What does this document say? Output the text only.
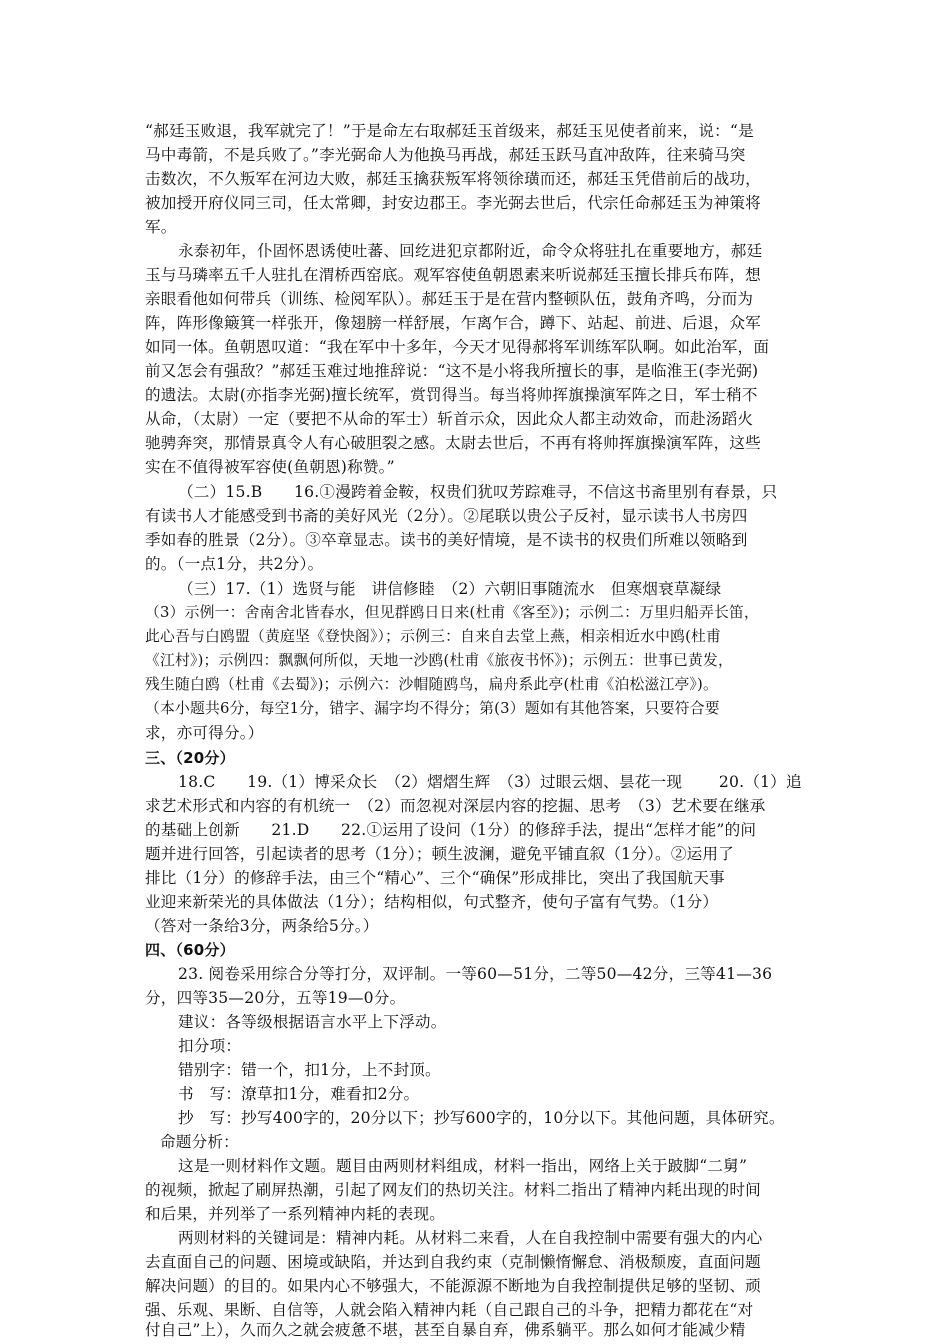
“郝廷玉败退，我军就完了！”于是命左右取郝廷玉首级来，郝廷玉见使者前来，说：“是
马中毒箭，不是兵败了。”李光弼命人为他换马再战，郝廷玉跃马直冲敌阵，往来骑马突
击数次，不久叛军在河边大败，郝廷玉擒获叛军将领徐璜而还，郝廷玉凭借前后的战功，
被加授开府仪同三司，任太常卿，封安边郡王。李光弼去世后，代宗任命郝廷玉为神策将
军。
永泰初年，仆固怀恩诱使吐蕃、回纥进犯京都附近，命令众将驻扎在重要地方，郝廷
玉与马璘率五千人驻扎在渭桥西窑底。观军容使鱼朝恩素来听说郝廷玉擅长排兵布阵，想
亲眼看他如何带兵（训练、检阅军队）。郝廷玉于是在营内整顿队伍，鼓角齐鸣，分而为
阵，阵形像簸箕一样张开，像翅膀一样舒展，乍离乍合，蹲下、站起、前进、后退，众军
如同一体。鱼朝恩叹道：“我在军中十多年，今天才见得郝将军训练军队啊。如此治军，面
前又怎会有强敌？”郝廷玉难过地推辞说：“这不是小将我所擅长的事，是临淮王(李光弼)
的遗法。太尉(亦指李光弼)擅长统军，赏罚得当。每当将帅挥旗操演军阵之日，军士稍不
从命，（太尉）一定（要把不从命的军士）斩首示众，因此众人都主动效命，而赴汤蹈火
驰骋奔突，那情景真令人有心破胆裂之感。太尉去世后，不再有将帅挥旗操演军阵，这些
实在不值得被军容使(鱼朝恩)称赞。”
（二）15.B　　16.①漫跨着金鞍，权贵们犹叹芳踪难寻，不信这书斋里别有春景，只
有读书人才能感受到书斋的美好风光（2分）。②尾联以贵公子反衬，显示读书人书房四
季如春的胜景（2分）。③卒章显志。读书的美好情境，是不读书的权贵们所难以领略到
的。（一点1分，共2分）。
（三）17.（1）选贤与能　讲信修睦　（2）六朝旧事随流水　但寒烟衰草凝绿
（3）示例一：舍南舍北皆春水，但见群鸥日日来(杜甫《客至》)；示例二：万里归船弄长笛，
此心吾与白鸥盟（黄庭坚《登快阁》）；示例三：自来自去堂上燕，相亲相近水中鸥(杜甫
《江村》)；示例四：飘飘何所似，天地一沙鸥(杜甫《旅夜书怀》)；示例五：世事已黄发，
残生随白鸥（杜甫《去蜀》)；示例六：沙帽随鸥鸟，扁舟系此亭(杜甫《泊松滋江亭》)。
（本小题共6分，每空1分，错字、漏字均不得分；第(3）题如有其他答案，只要符合要
求，亦可得分。）
三、（20分）
18.C　　19.（1）博采众长　（2）熠熠生辉　（3）过眼云烟、昙花一现　　 20.（1）追
求艺术形式和内容的有机统一　（2）而忽视对深层内容的挖掘、思考　（3）艺术要在继承
的基础上创新　　21.D　　22.①运用了设问（1分）的修辞手法，提出“怎样才能”的问
题并进行回答，引起读者的思考（1分）；顿生波澜，避免平铺直叙（1分）。②运用了
排比（1分）的修辞手法，由三个“精心”、三个“确保”形成排比，突出了我国航天事
业迎来新荣光的具体做法（1分）；结构相似，句式整齐，使句子富有气势。（1分）
（答对一条给3分，两条给5分。）
四、（60分）
23. 阅卷采用综合分等打分，双评制。一等60—51分，二等50—42分，三等41—36
分，四等35—20分，五等19—0分。
建议：各等级根据语言水平上下浮动。
扣分项：
错别字：错一个，扣1分，上不封顶。
书　写：潦草扣1分，难看扣2分。
抄　写：抄写400字的，20分以下；抄写600字的，10分以下。其他问题，具体研究。
命题分析：
这是一则材料作文题。题目由两则材料组成，材料一指出，网络上关于跛脚“二舅”
的视频，掀起了刷屏热潮，引起了网友们的热切关注。材料二指出了精神内耗出现的时间
和后果，并列举了一系列精神内耗的表现。
两则材料的关键词是：精神内耗。从材料二来看，人在自我控制中需要有强大的内心
去直面自己的问题、困境或缺陷，并达到自我约束（克制懒惰懈怠、消极颓废，直面问题
解决问题）的目的。如果内心不够强大，不能源源不断地为自我控制提供足够的坚韧、顽
强、乐观、果断、自信等，人就会陷入精神内耗（自己跟自己的斗争，把精力都花在“对
付自己”上），久而久之就会疲惫不堪，甚至自暴自弃，佛系躺平。那么如何才能减少精
